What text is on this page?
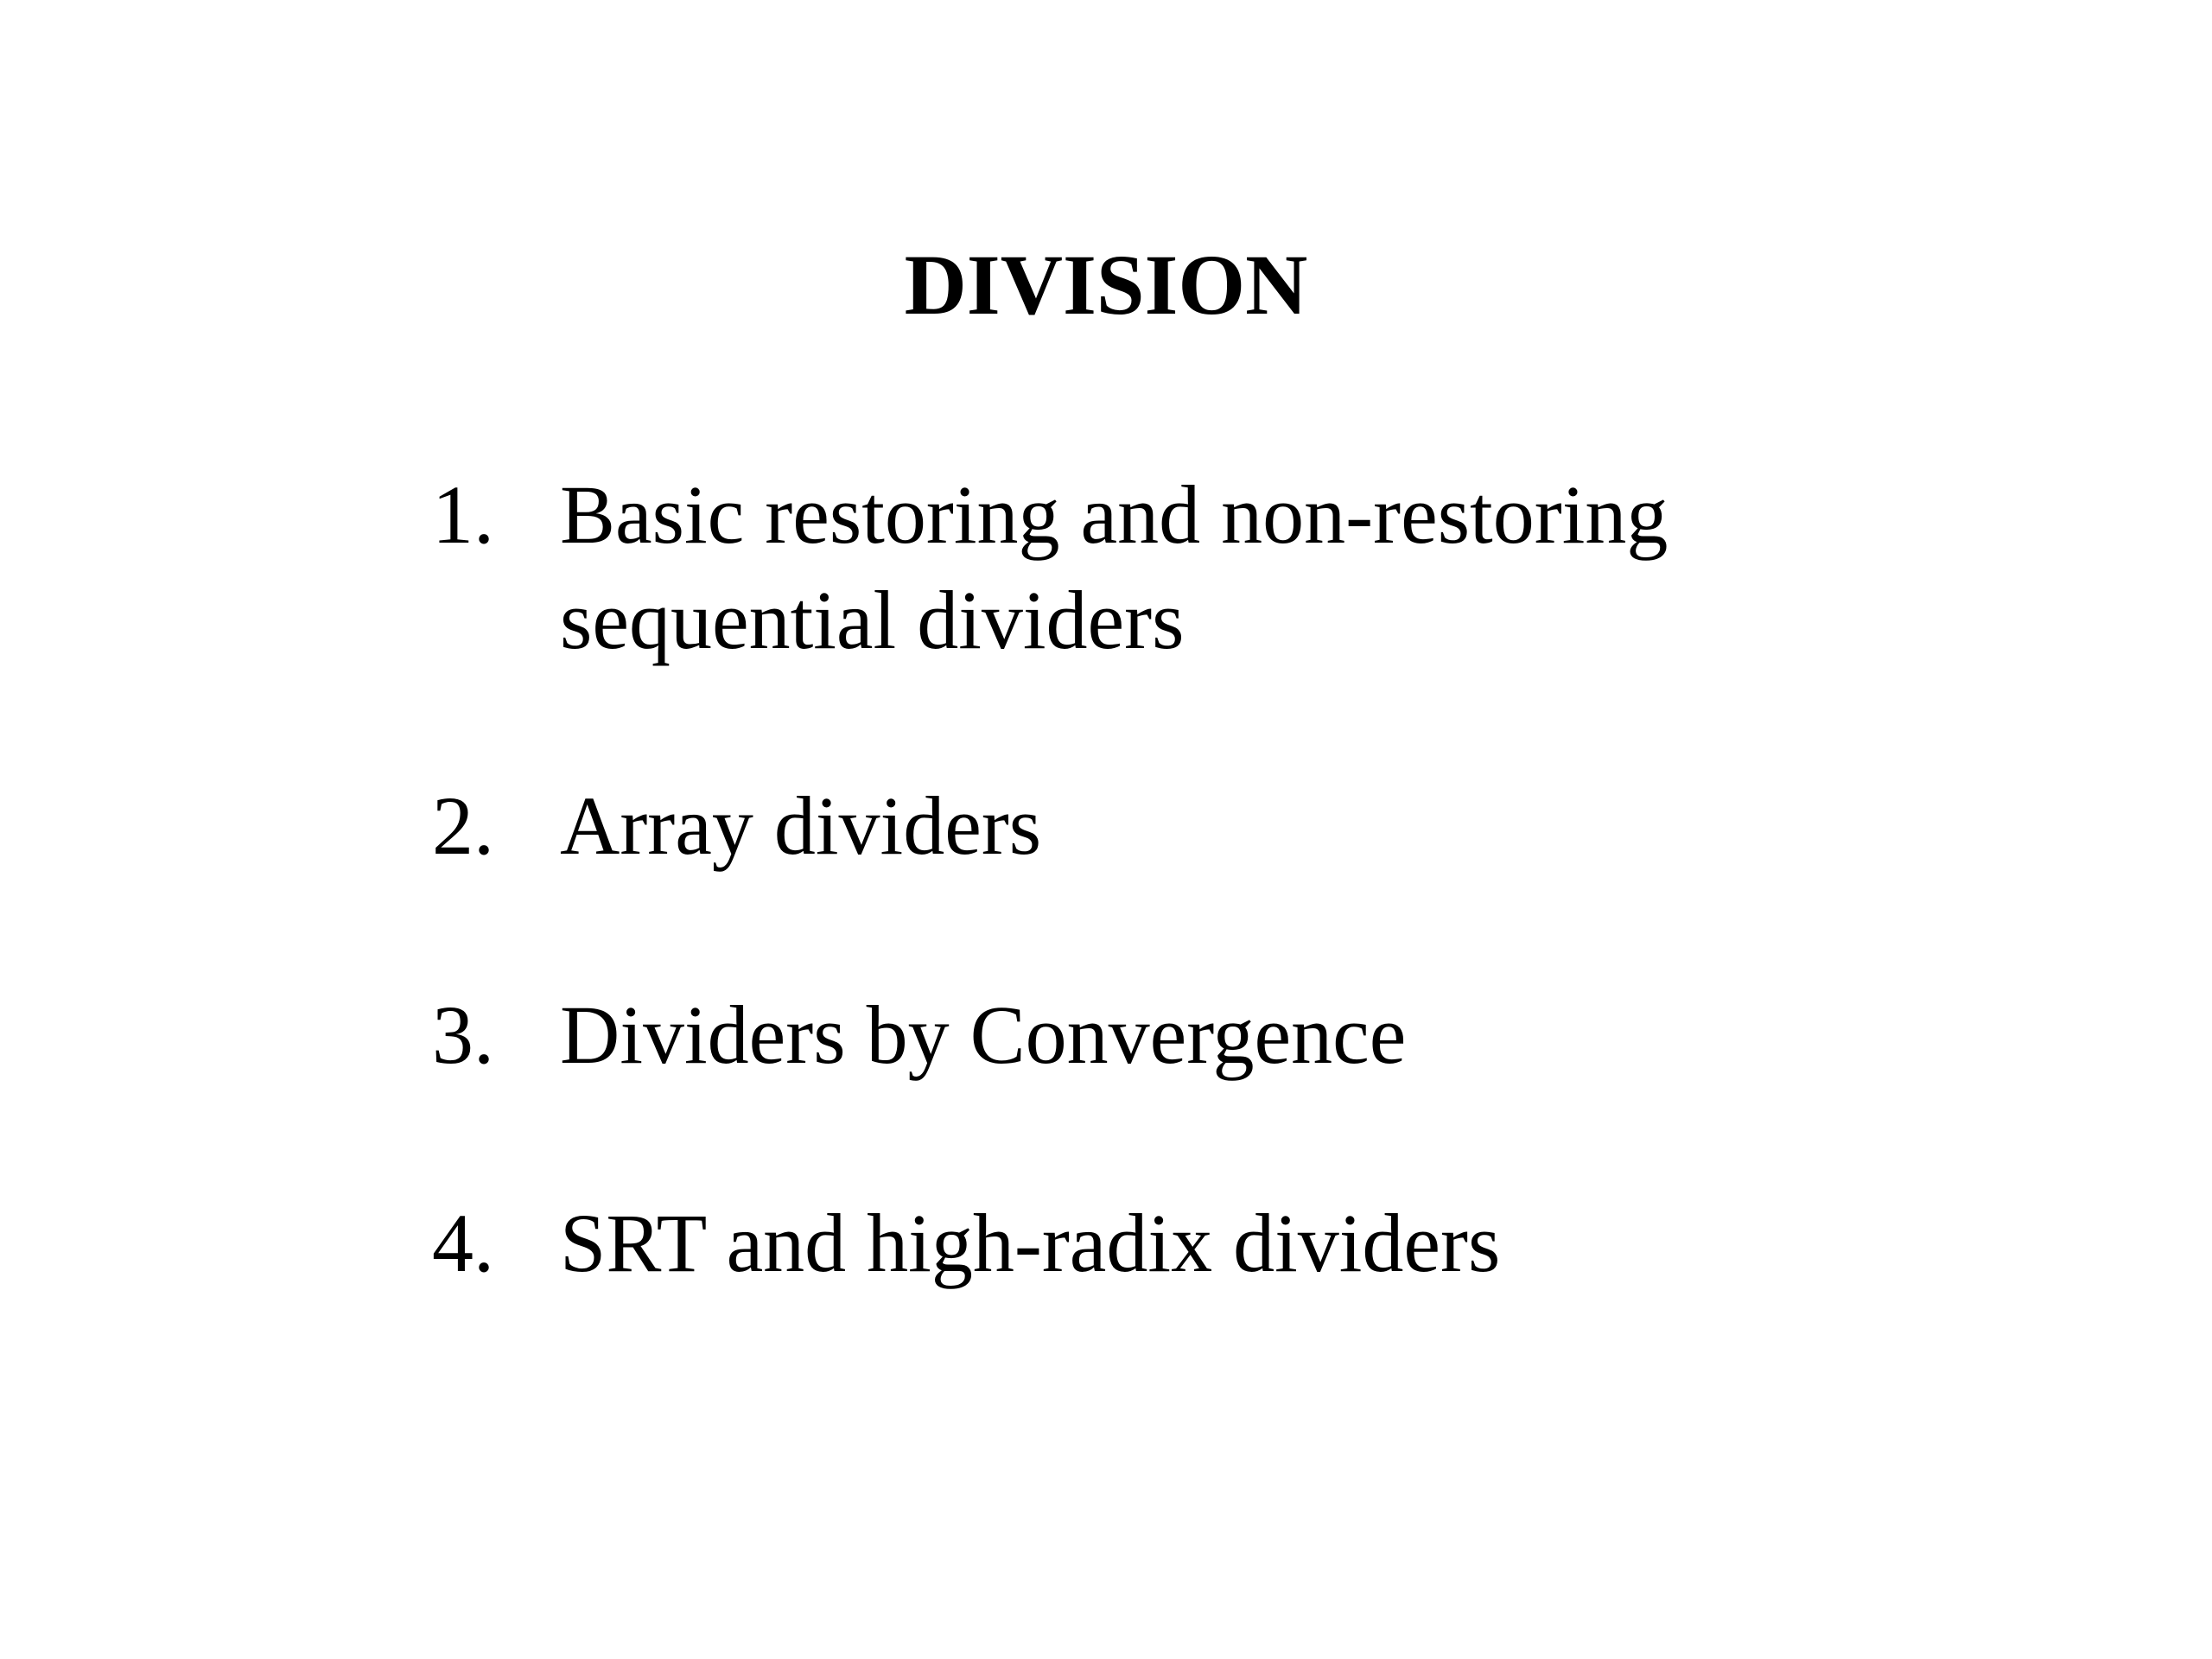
DIVISION
1. Basic restoring and non-restoring
sequential dividers
2. Array dividers
3. Dividers by Convergence
4. SRT and high-radix dividers
